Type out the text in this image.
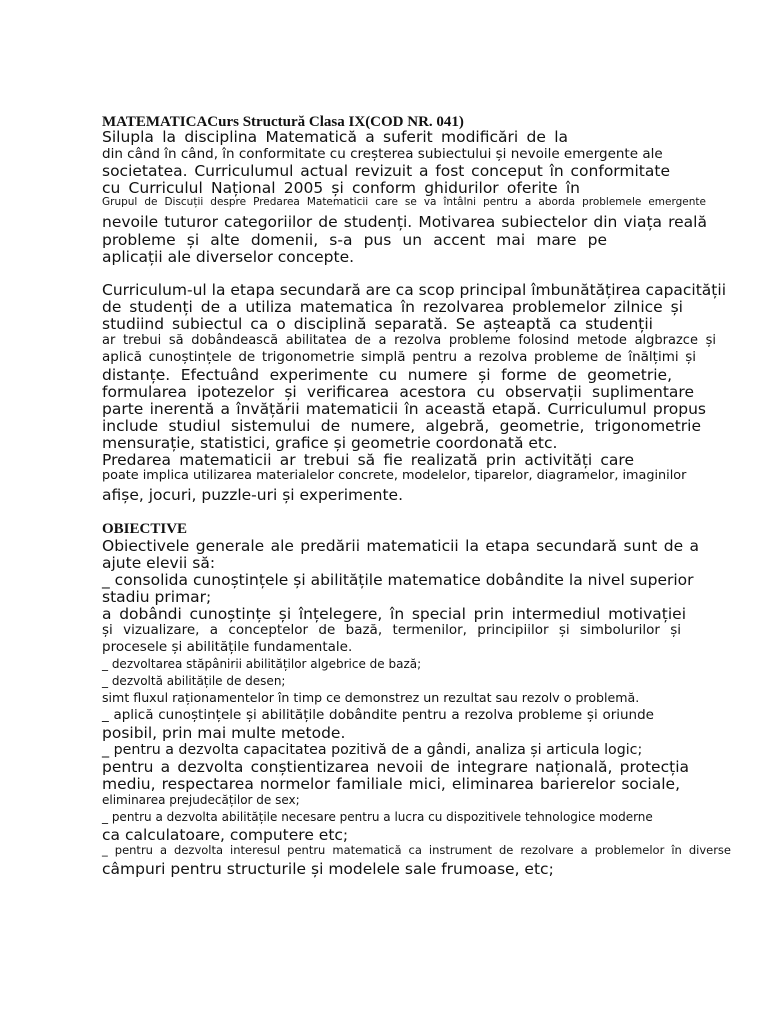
MATEMATICACurs Structură Clasa IX(COD NR. 041)
Silupla la disciplina Matematică a suferit modificări de la
din când în când, în conformitate cu creșterea subiectului și nevoile emergente ale
societatea. Curriculumul actual revizuit a fost conceput în conformitate
cu Curriculul Național 2005 și conform ghidurilor oferite în
Grupul de Discuții despre Predarea Matematicii care se va întâlni pentru a aborda problemele emergente
nevoile tuturor categoriilor de studenți. Motivarea subiectelor din viața reală
probleme și alte domenii, s-a pus un accent mai mare pe
aplicații ale diverselor concepte.
Curriculum-ul la etapa secundară are ca scop principal îmbunătățirea capacității
de studenți de a utiliza matematica în rezolvarea problemelor zilnice și
studiind subiectul ca o disciplină separată. Se așteaptă ca studenții
ar trebui să dobândească abilitatea de a rezolva probleme folosind metode algbrazce și
aplică cunoștințele de trigonometrie simplă pentru a rezolva probleme de înălțimi și
distanțe. Efectuând experimente cu numere și forme de geometrie,
formularea ipotezelor și verificarea acestora cu observații suplimentare
parte inerentă a învățării matematicii în această etapă. Curriculumul propus
include studiul sistemului de numere, algebră, geometrie, trigonometrie
mensurație, statistici, grafice și geometrie coordonată etc.
Predarea matematicii ar trebui să fie realizată prin activități care
poate implica utilizarea materialelor concrete, modelelor, tiparelor, diagramelor, imaginilor
afișe, jocuri, puzzle-uri și experimente.
OBIECTIVE
Obiectivele generale ale predării matematicii la etapa secundară sunt de a
ajute elevii să:
_ consolida cunoștințele și abilitățile matematice dobândite la nivel superior
stadiu primar;
a dobândi cunoștințe și înțelegere, în special prin intermediul motivației
și vizualizare, a conceptelor de bază, termenilor, principiilor și simbolurilor și
procesele și abilitățile fundamentale.
_ dezvoltarea stăpânirii abilităților algebrice de bază;
_ dezvoltă abilitățile de desen;
simt fluxul raționamentelor în timp ce demonstrez un rezultat sau rezolv o problemă.
_ aplică cunoștințele și abilitățile dobândite pentru a rezolva probleme și oriunde
posibil, prin mai multe metode.
_ pentru a dezvolta capacitatea pozitivă de a gândi, analiza și articula logic;
pentru a dezvolta conștientizarea nevoii de integrare națională, protecția
mediu, respectarea normelor familiale mici, eliminarea barierelor sociale,
eliminarea prejudecăților de sex;
_ pentru a dezvolta abilitățile necesare pentru a lucra cu dispozitivele tehnologice moderne
ca calculatoare, computere etc;
_ pentru a dezvolta interesul pentru matematică ca instrument de rezolvare a problemelor în diverse
câmpuri pentru structurile și modelele sale frumoase, etc;
